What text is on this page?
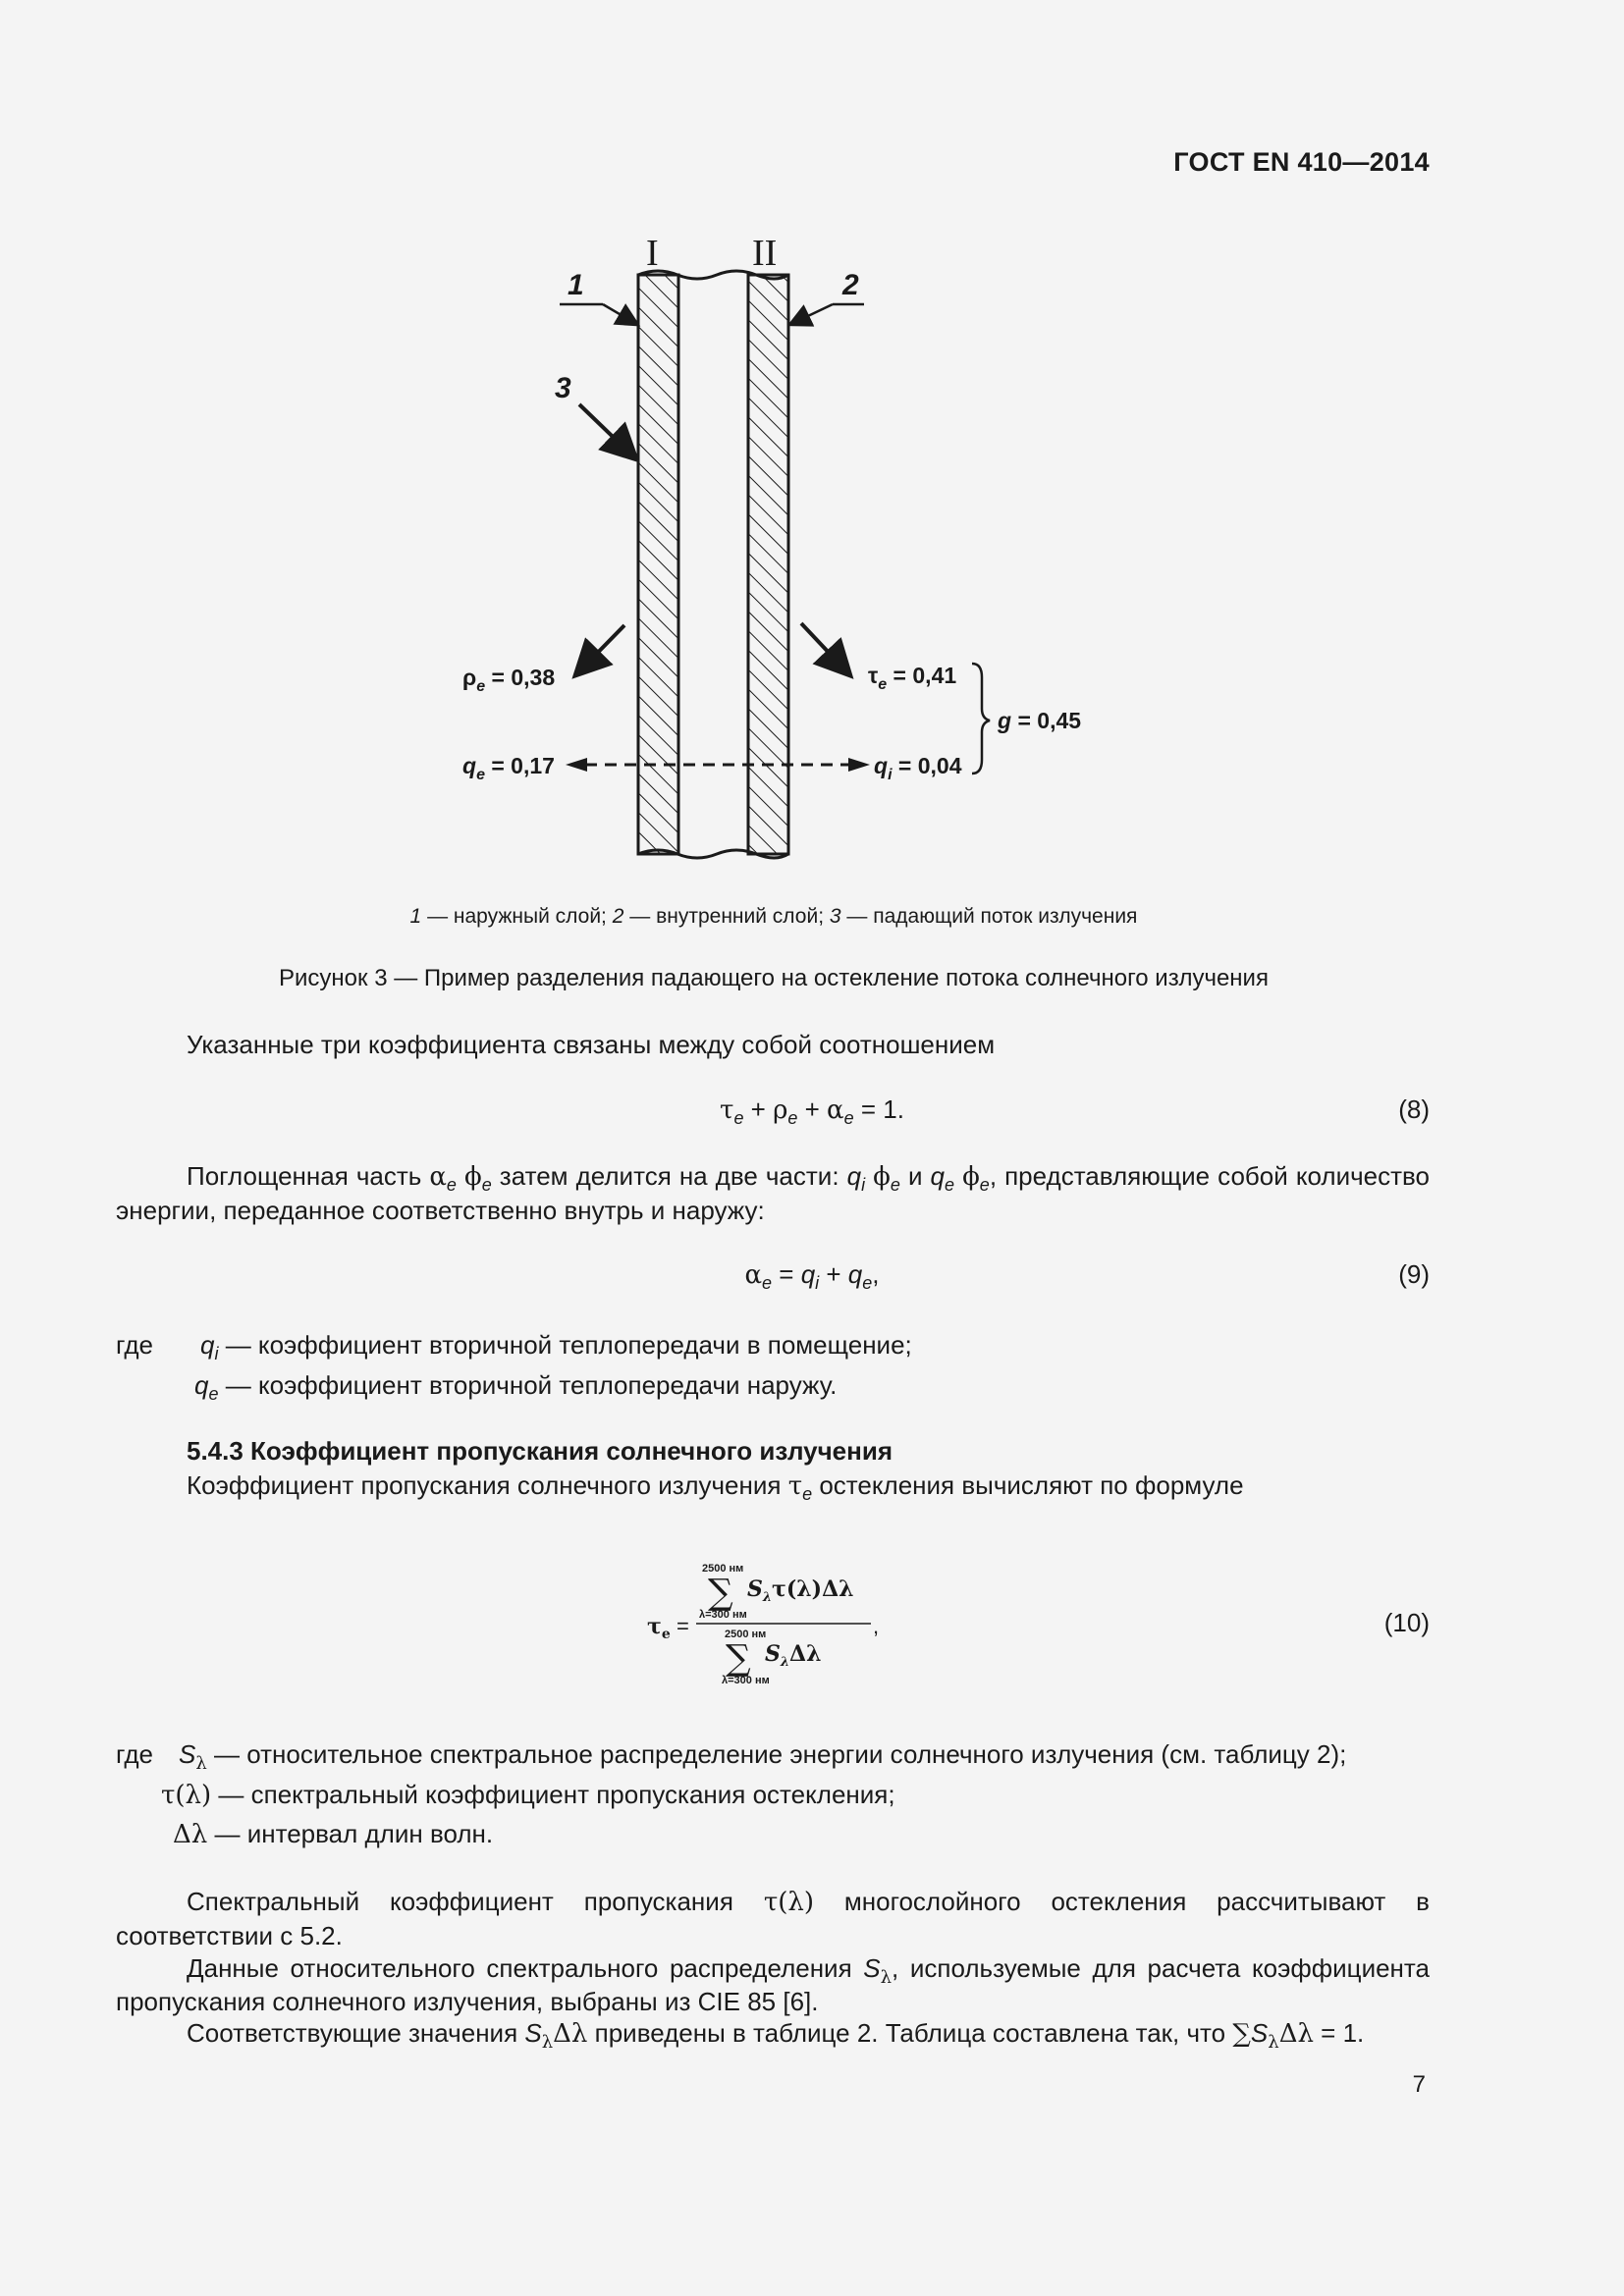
ГОСТ EN 410—2014
I	II
1	2
3
$\rho_e = 0,38$	$\tau_e = 0,41$
$q_e = 0,17$	$q_i = 0,04$
g = 0,45
1 — наружный слой; 2 — внутренний слой; 3 — падающий поток излучения
Рисунок 3 — Пример разделения падающего на остекление потока солнечного излучения
Указанные три коэффициента связаны между собой соотношением
$\tau_e + \rho_e + \alpha_e = 1$.	(8)
Поглощенная часть $\alpha_e$ $\phi_e$ затем делится на две части: $q_i$ $\phi_e$ и $q_e$ $\phi_e$, представляющие собой количество энергии, переданное соответственно внутрь и наружу:
$\alpha_e = q_i + q_e$,	(9)
где $q_i$ — коэффициент вторичной теплопередачи в помещение;
$q_e$ — коэффициент вторичной теплопередачи наружу.
5.4.3 Коэффициент пропускания солнечного излучения
Коэффициент пропускания солнечного излучения $\tau_e$ остекления вычисляют по формуле
$\tau_e$ =
2500 нм
∑
λ=300 нм
$S_\lambda\tau(\lambda)\Delta\lambda$
2500 нм
∑
λ=300 нм
$S_\lambda\Delta\lambda$
,	(10)
где $S_\lambda$ — относительное спектральное распределение энергии солнечного излучения (см. таблицу 2);
τ(λ) — спектральный коэффициент пропускания остекления;
Δλ — интервал длин волн.
Спектральный коэффициент пропускания τ(λ) многослойного остекления рассчитывают в соответствии с 5.2.
Данные относительного спектрального распределения $S_\lambda$, используемые для расчета коэффициента пропускания солнечного излучения, выбраны из CIE 85 [6].
Соответствующие значения $S_\lambda\Delta\lambda$ приведены в таблице 2. Таблица составлена так, что $\sum S_\lambda\Delta\lambda = 1$.
7
